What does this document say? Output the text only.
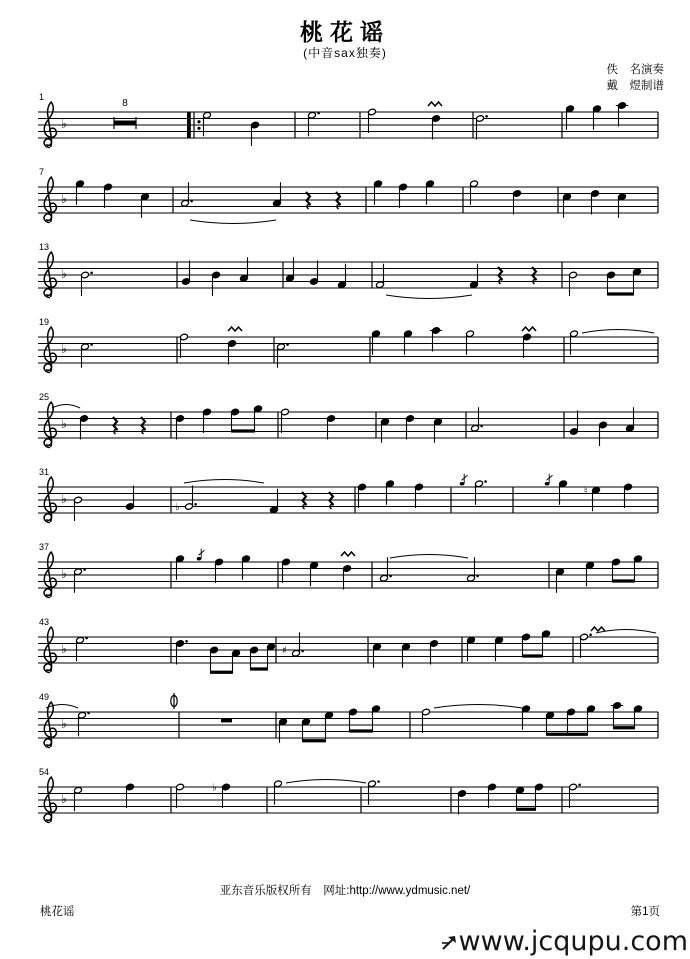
桃花谣
(中音sax独奏)
佚　名演奏
戴　煜制谱
1
♭
8
7
♭
13
♭
19
♭
25
♭
31
♭
♭
♮
37
♭
43
♭	♯
49
♭
54
♭
♭
亚东音乐版权所有　网址:http://www.ydmusic.net/
桃花谣	第1页
www.jcqupu.com
